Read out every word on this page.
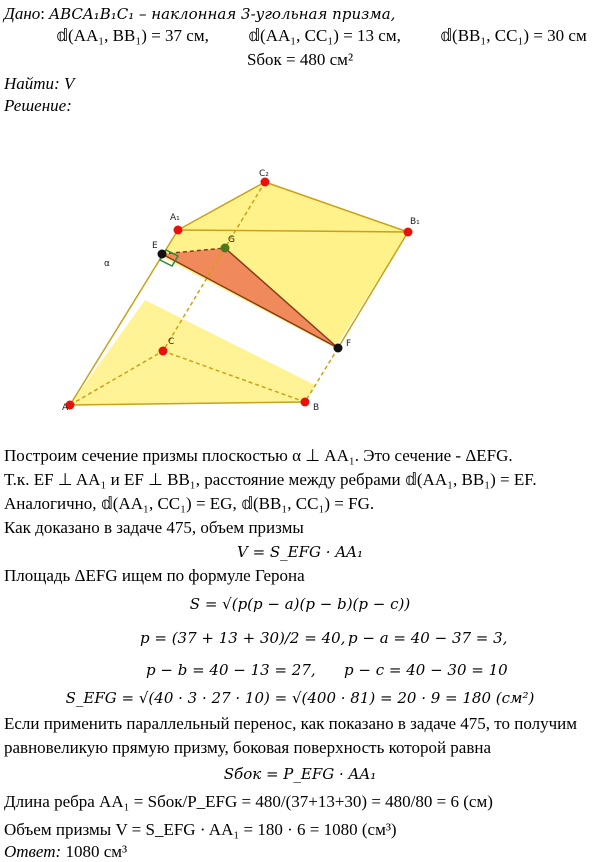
Дано: ABCA₁B₁C₁ – наклонная 3-угольная призма,
𝕕(AA₁, BB₁) = 37 см, 𝕕(AA₁, CC₁) = 13 см, 𝕕(BB₁, CC₁) = 30 см
Sбок = 480 см²
Найти: V
Решение:
C₂
A₁	B₁
E
G
α
F
C
A	B
Построим сечение призмы плоскостью α ⊥ AA₁. Это сечение - ΔEFG.
Т.к. EF ⊥ AA₁ и EF ⊥ BB₁, расстояние между ребрами 𝕕(AA₁, BB₁) = EF.
Аналогично, 𝕕(AA₁, CC₁) = EG, 𝕕(BB₁, CC₁) = FG.
Как доказано в задаче 475, объем призмы
V = S_EFG · AA₁
Площадь ΔEFG ищем по формуле Герона
S = √(p(p − a)(p − b)(p − c))
p = (37 + 13 + 30)/2 = 40, p − a = 40 − 37 = 3,
p − b = 40 − 13 = 27, p − c = 40 − 30 = 10
S_EFG = √(40 · 3 · 27 · 10) = √(400 · 81) = 20 · 9 = 180 (см²)
Если применить параллельный перенос, как показано в задаче 475, то получим
равновеликую прямую призму, боковая поверхность которой равна
Sбок = P_EFG · AA₁
Длина ребра AA₁ = Sбок/P_EFG = 480/(37+13+30) = 480/80 = 6 (см)
Объем призмы V = S_EFG · AA₁ = 180 · 6 = 1080 (см³)
Ответ: 1080 см³
